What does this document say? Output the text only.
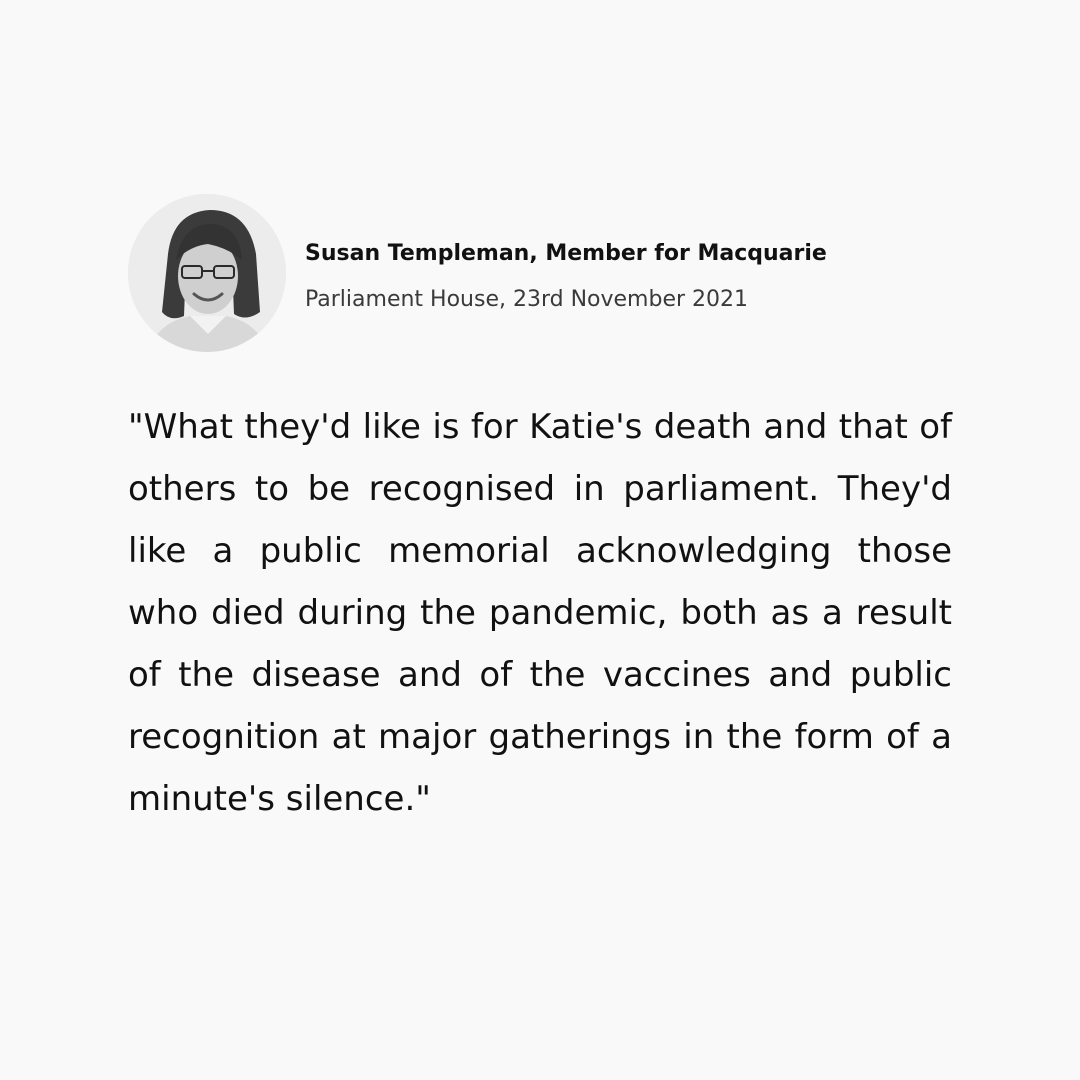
Susan Templeman, Member for Macquarie
Parliament House, 23rd November 2021

"What they'd like is for Katie's death and that of others to be recognised in parliament. They'd like a public memorial acknowledging those who died during the pandemic, both as a result of the disease and of the vaccines and public recognition at major gatherings in the form of a minute's silence."
